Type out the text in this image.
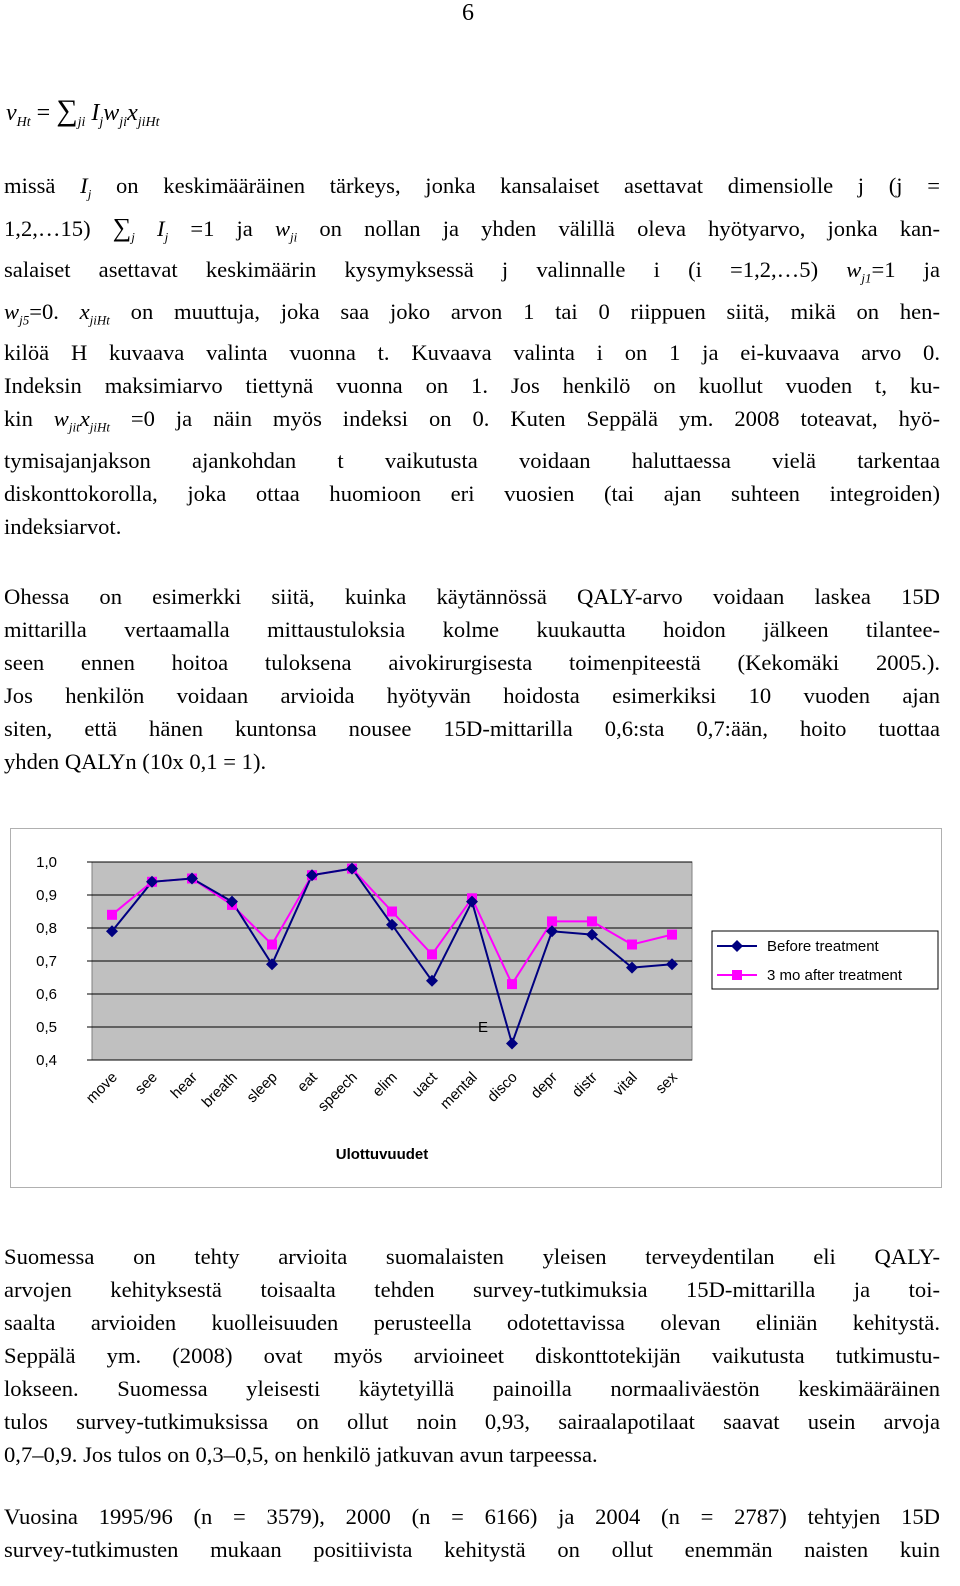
6
$v_{Ht} = \sum_{ji}$ $I_jw_{ji}x_{jiHt}$

missä $I_j$ on keskimääräinen tärkeys, jonka kansalaiset asettavat dimensiolle j (j =
1,2,…15) $\sum_j$ $I_j =1$ ja $w_{ji}$ on nollan ja yhden välillä oleva hyötyarvo, jonka kan-
salaiset asettavat keskimäärin kysymyksessä j valinnalle i (i =1,2,…5) $w_{j1}=1$ ja
$w_{j5}=0$. $x_{jiHt}$ on muuttuja, joka saa joko arvon 1 tai 0 riippuen siitä, mikä on hen-
kilöä H kuvaava valinta vuonna t. Kuvaava valinta i on 1 ja ei-kuvaava arvo 0.
Indeksin maksimiarvo tiettynä vuonna on 1. Jos henkilö on kuollut vuoden t, ku-
kin $w_{jit}x_{jiHt} =0$ ja näin myös indeksi on 0. Kuten Seppälä ym. 2008 toteavat, hyö-
tymisajanjakson ajankohdan t vaikutusta voidaan haluttaessa vielä tarkentaa
diskonttokorolla, joka ottaa huomioon eri vuosien (tai ajan suhteen integroiden)
indeksiarvot.

Ohessa on esimerkki siitä, kuinka käytännössä QALY-arvo voidaan laskea 15D
mittarilla vertaamalla mittaustuloksia kolme kuukautta hoidon jälkeen tilantee-
seen ennen hoitoa tuloksena aivokirurgisesta toimenpiteestä (Kekomäki 2005.).
Jos henkilön voidaan arvioida hyötyvän hoidosta esimerkiksi 10 vuoden ajan
siten, että hänen kuntonsa nousee 15D-mittarilla 0,6:sta 0,7:ään, hoito tuottaa
yhden QALYn (10x 0,1 = 1).

1,0
0,9
0,8
0,7
0,6
0,5
0,4
move see hear
breath sleep eat
speech elim uact
mental disco depr distr vital sex
Ulottuvuudet
E
Before treatment
3 mo after treatment

Suomessa on tehty arvioita suomalaisten yleisen terveydentilan eli QALY-
arvojen kehityksestä toisaalta tehden survey-tutkimuksia 15D-mittarilla ja toi-
saalta arvioiden kuolleisuuden perusteella odotettavissa olevan eliniän kehitystä.
Seppälä ym. (2008) ovat myös arvioineet diskonttotekijän vaikutusta tutkimustu-
lokseen. Suomessa yleisesti käytetyillä painoilla normaaliväestön keskimääräinen
tulos survey-tutkimuksissa on ollut noin 0,93, sairaalapotilaat saavat usein arvoja
0,7–0,9. Jos tulos on 0,3–0,5, on henkilö jatkuvan avun tarpeessa.

Vuosina 1995/96 (n = 3579), 2000 (n = 6166) ja 2004 (n = 2787) tehtyjen 15D
survey-tutkimusten mukaan positiivista kehitystä on ollut enemmän naisten kuin
